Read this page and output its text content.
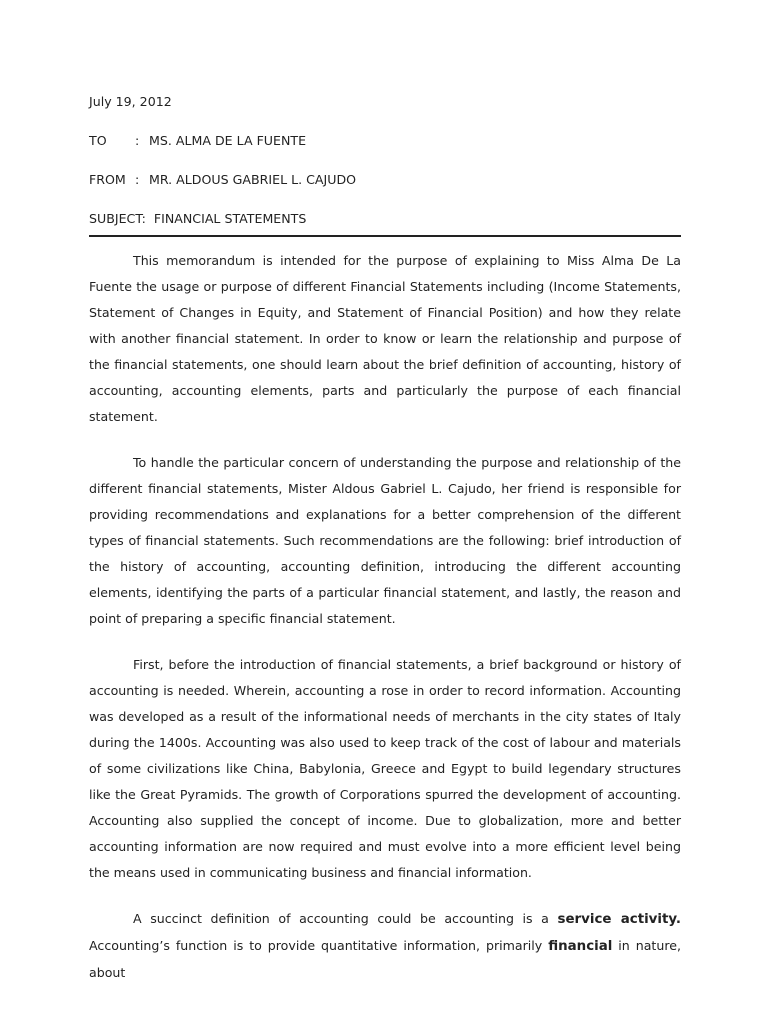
July 19, 2012
TO : MS. ALMA DE LA FUENTE
FROM : MR. ALDOUS GABRIEL L. CAJUDO
SUBJECT: FINANCIAL STATEMENTS

This memorandum is intended for the purpose of explaining to Miss Alma De La Fuente the usage or purpose of different Financial Statements including (Income Statements, Statement of Changes in Equity, and Statement of Financial Position) and how they relate with another financial statement. In order to know or learn the relationship and purpose of the financial statements, one should learn about the brief definition of accounting, history of accounting, accounting elements, parts and particularly the purpose of each financial statement.

To handle the particular concern of understanding the purpose and relationship of the different financial statements, Mister Aldous Gabriel L. Cajudo, her friend is responsible for providing recommendations and explanations for a better comprehension of the different types of financial statements. Such recommendations are the following: brief introduction of the history of accounting, accounting definition, introducing the different accounting elements, identifying the parts of a particular financial statement, and lastly, the reason and point of preparing a specific financial statement.

First, before the introduction of financial statements, a brief background or history of accounting is needed. Wherein, accounting a rose in order to record information. Accounting was developed as a result of the informational needs of merchants in the city states of Italy during the 1400s. Accounting was also used to keep track of the cost of labour and materials of some civilizations like China, Babylonia, Greece and Egypt to build legendary structures like the Great Pyramids. The growth of Corporations spurred the development of accounting. Accounting also supplied the concept of income. Due to globalization, more and better accounting information are now required and must evolve into a more efficient level being the means used in communicating business and financial information.

A succinct definition of accounting could be accounting is a service activity. Accounting’s function is to provide quantitative information, primarily financial in nature, about
